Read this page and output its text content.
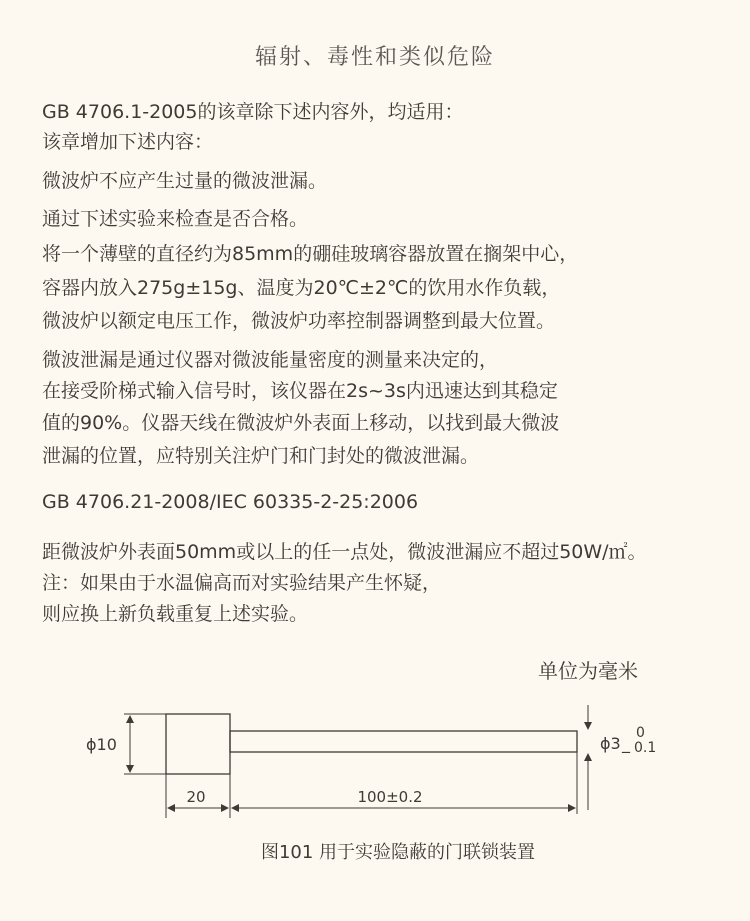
辐射、毒性和类似危险
GB 4706.1-2005的该章除下述内容外，均适用：
该章增加下述内容：
微波炉不应产生过量的微波泄漏。
通过下述实验来检查是否合格。
将一个薄壁的直径约为85mm的硼硅玻璃容器放置在搁架中心，
容器内放入275g±15g、温度为20℃±2℃的饮用水作负载，
微波炉以额定电压工作，微波炉功率控制器调整到最大位置。
微波泄漏是通过仪器对微波能量密度的测量来决定的，
在接受阶梯式输入信号时，该仪器在2s~3s内迅速达到其稳定
值的90%。仪器天线在微波炉外表面上移动，以找到最大微波
泄漏的位置，应特别关注炉门和门封处的微波泄漏。
GB 4706.21-2008/IEC 60335-2-25:2006
距微波炉外表面50mm或以上的任一点处，微波泄漏应不超过50W/㎡。
注：如果由于水温偏高而对实验结果产生怀疑，
则应换上新负载重复上述实验。
单位为毫米
ϕ10	ϕ3 _
0
0.1
20	100±0.2
图101 用于实验隐蔽的门联锁装置
